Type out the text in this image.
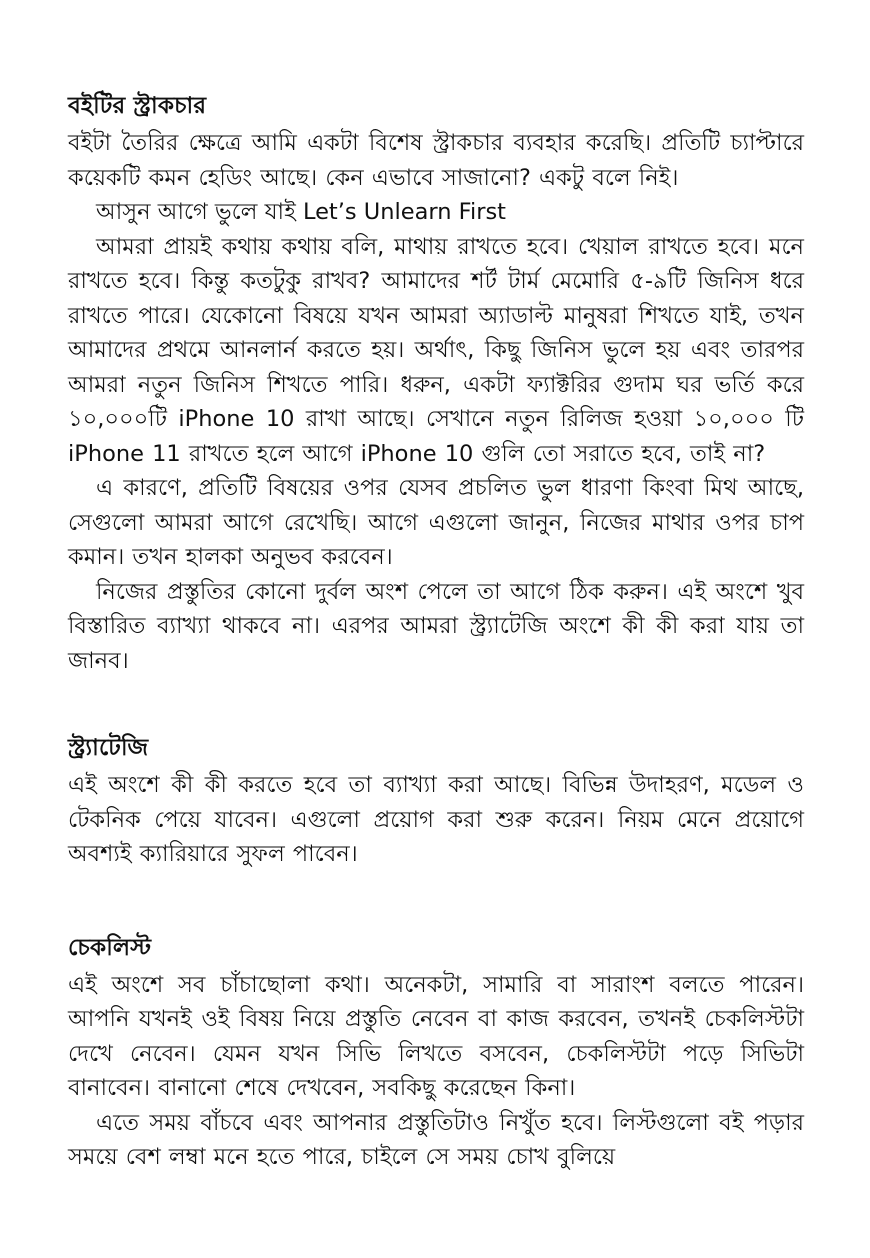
বইটির স্ট্রাকচার

বইটা তৈরির ক্ষেত্রে আমি একটা বিশেষ স্ট্রাকচার ব্যবহার করেছি। প্রতিটি চ্যাপ্টারে কয়েকটি কমন হেডিং আছে। কেন এভাবে সাজানো? একটু বলে নিই।

আসুন আগে ভুলে যাই Let’s Unlearn First

আমরা প্রায়ই কথায় কথায় বলি, মাথায় রাখতে হবে। খেয়াল রাখতে হবে। মনে রাখতে হবে। কিন্তু কতটুকু রাখব? আমাদের শর্ট টার্ম মেমোরি ৫-৯টি জিনিস ধরে রাখতে পারে। যেকোনো বিষয়ে যখন আমরা অ্যাডাল্ট মানুষরা শিখতে যাই, তখন আমাদের প্রথমে আনলার্ন করতে হয়। অর্থাৎ, কিছু জিনিস ভুলে হয় এবং তারপর আমরা নতুন জিনিস শিখতে পারি। ধরুন, একটা ফ্যাক্টরির গুদাম ঘর ভর্তি করে ১০,০০০টি iPhone 10 রাখা আছে। সেখানে নতুন রিলিজ হওয়া ১০,০০০ টি iPhone 11 রাখতে হলে আগে iPhone 10 গুলি তো সরাতে হবে, তাই না?

এ কারণে, প্রতিটি বিষয়ের ওপর যেসব প্রচলিত ভুল ধারণা কিংবা মিথ আছে, সেগুলো আমরা আগে রেখেছি। আগে এগুলো জানুন, নিজের মাথার ওপর চাপ কমান। তখন হালকা অনুভব করবেন।

নিজের প্রস্তুতির কোনো দুর্বল অংশ পেলে তা আগে ঠিক করুন। এই অংশে খুব বিস্তারিত ব্যাখ্যা থাকবে না। এরপর আমরা স্ট্র্যাটেজি অংশে কী কী করা যায় তা জানব।

স্ট্র্যাটেজি

এই অংশে কী কী করতে হবে তা ব্যাখ্যা করা আছে। বিভিন্ন উদাহরণ, মডেল ও টেকনিক পেয়ে যাবেন। এগুলো প্রয়োগ করা শুরু করেন। নিয়ম মেনে প্রয়োগে অবশ্যই ক্যারিয়ারে সুফল পাবেন।

চেকলিস্ট

এই অংশে সব চাঁচাছোলা কথা। অনেকটা, সামারি বা সারাংশ বলতে পারেন। আপনি যখনই ওই বিষয় নিয়ে প্রস্তুতি নেবেন বা কাজ করবেন, তখনই চেকলিস্টটা দেখে নেবেন। যেমন যখন সিভি লিখতে বসবেন, চেকলিস্টটা পড়ে সিভিটা বানাবেন। বানানো শেষে দেখবেন, সবকিছু করেছেন কিনা।

এতে সময় বাঁচবে এবং আপনার প্রস্তুতিটাও নিখুঁত হবে। লিস্টগুলো বই পড়ার সময়ে বেশ লম্বা মনে হতে পারে, চাইলে সে সময় চোখ বুলিয়ে
